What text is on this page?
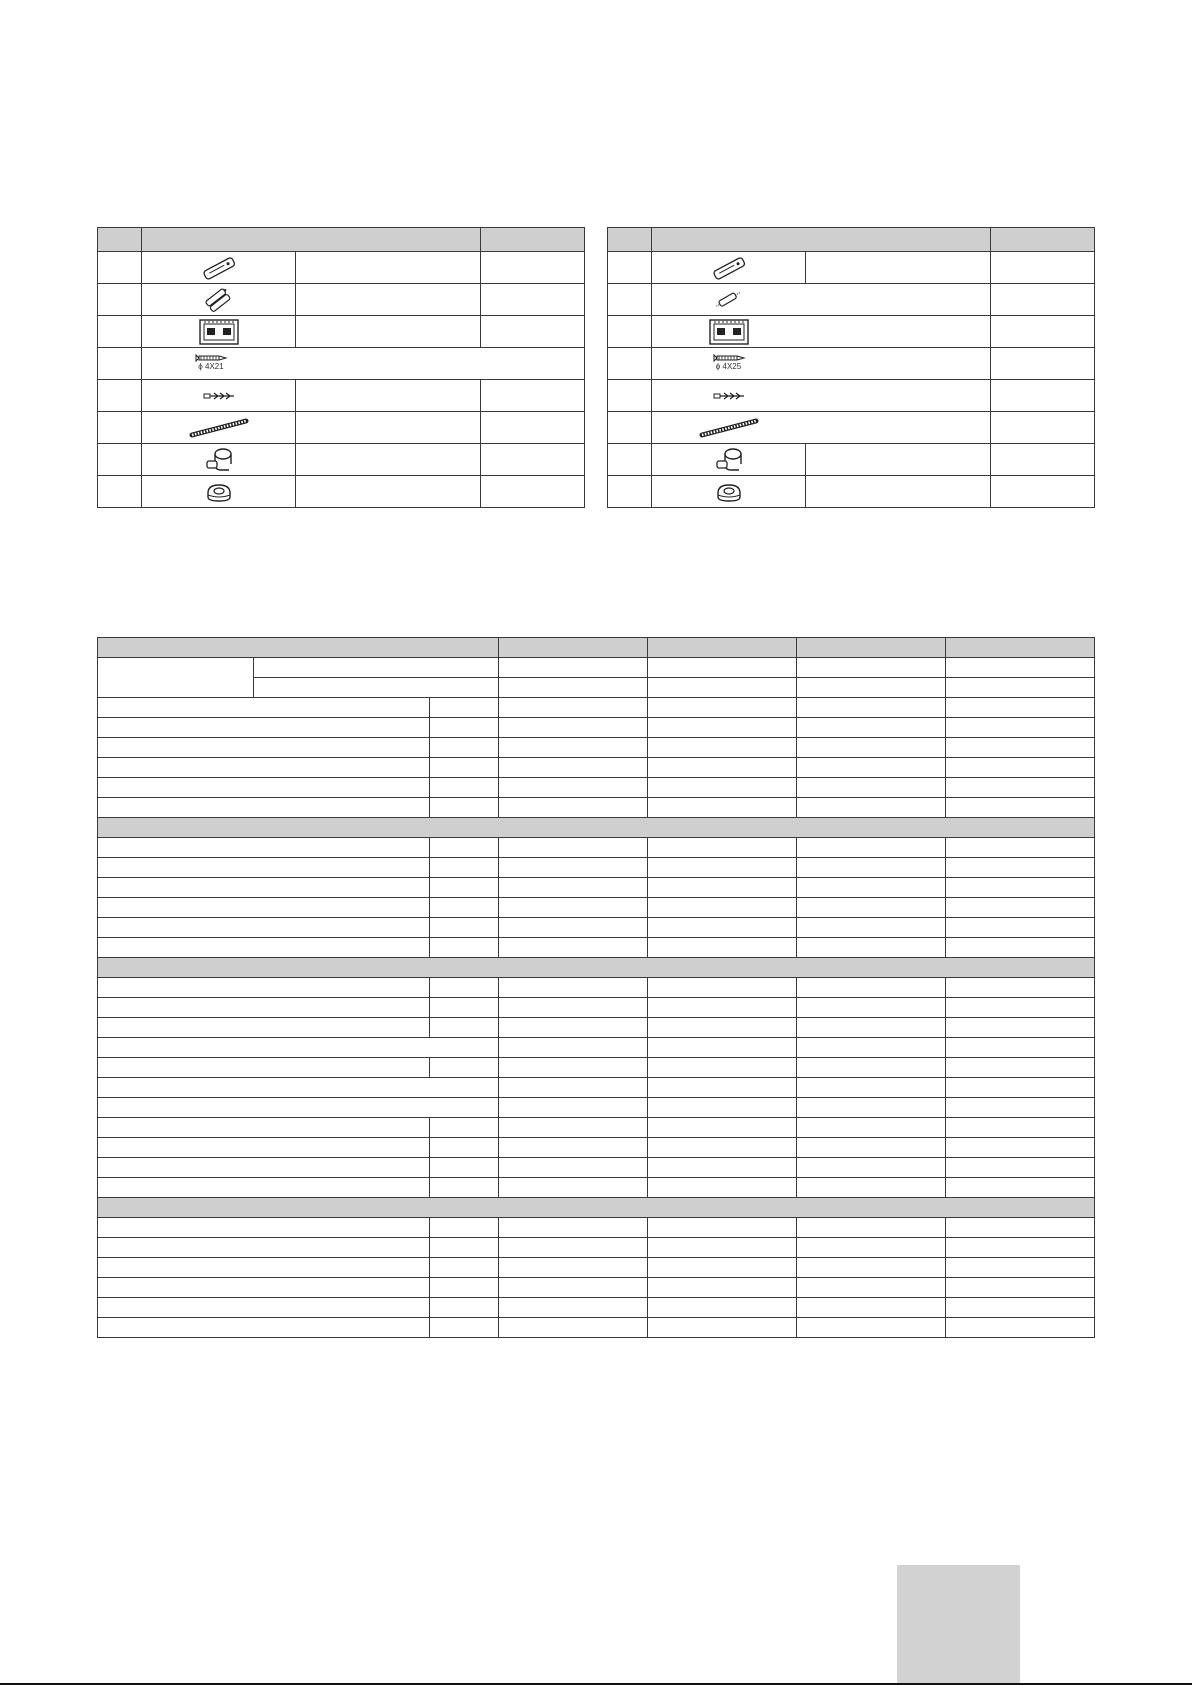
	ϕ 4X21		

	ϕ 4X25		
